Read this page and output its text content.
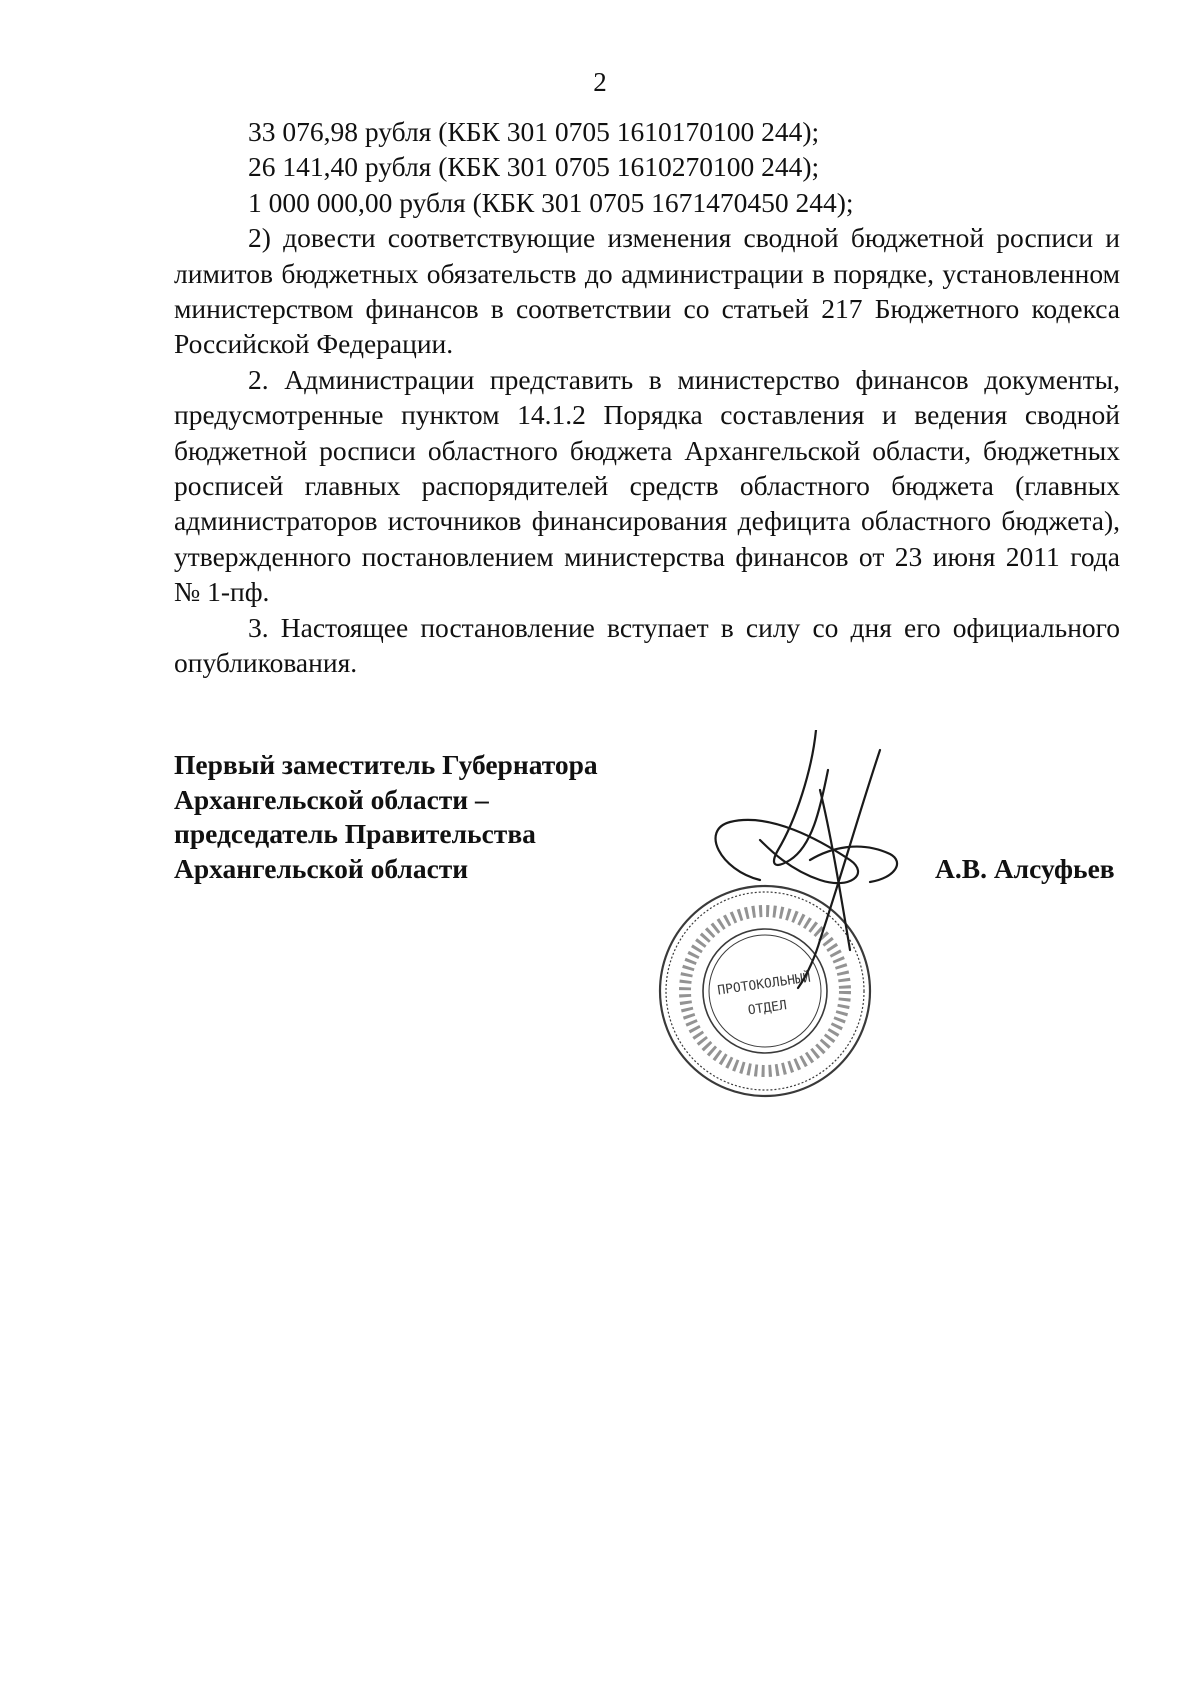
2

33 076,98 рубля (КБК 301 0705 1610170100 244);

26 141,40 рубля (КБК 301 0705 1610270100 244);

1 000 000,00 рубля (КБК 301 0705 1671470450 244);

2) довести соответствующие изменения сводной бюджетной росписи и лимитов бюджетных обязательств до администрации в порядке, установленном министерством финансов в соответствии со статьей 217 Бюджетного кодекса Российской Федерации.

2. Администрации представить в министерство финансов документы, предусмотренные пунктом 14.1.2 Порядка составления и ведения сводной бюджетной росписи областного бюджета Архангельской области, бюджетных росписей главных распорядителей средств областного бюджета (главных администраторов источников финансирования дефицита областного бюджета), утвержденного постановлением министерства финансов от 23 июня 2011 года № 1-пф.

3. Настоящее постановление вступает в силу со дня его официального опубликования.

Первый заместитель Губернатора
Архангельской области –
председатель Правительства
Архангельской области
ПРОТОКОЛЬНЫЙ
ОТДЕЛ
А.В. Алсуфьев
